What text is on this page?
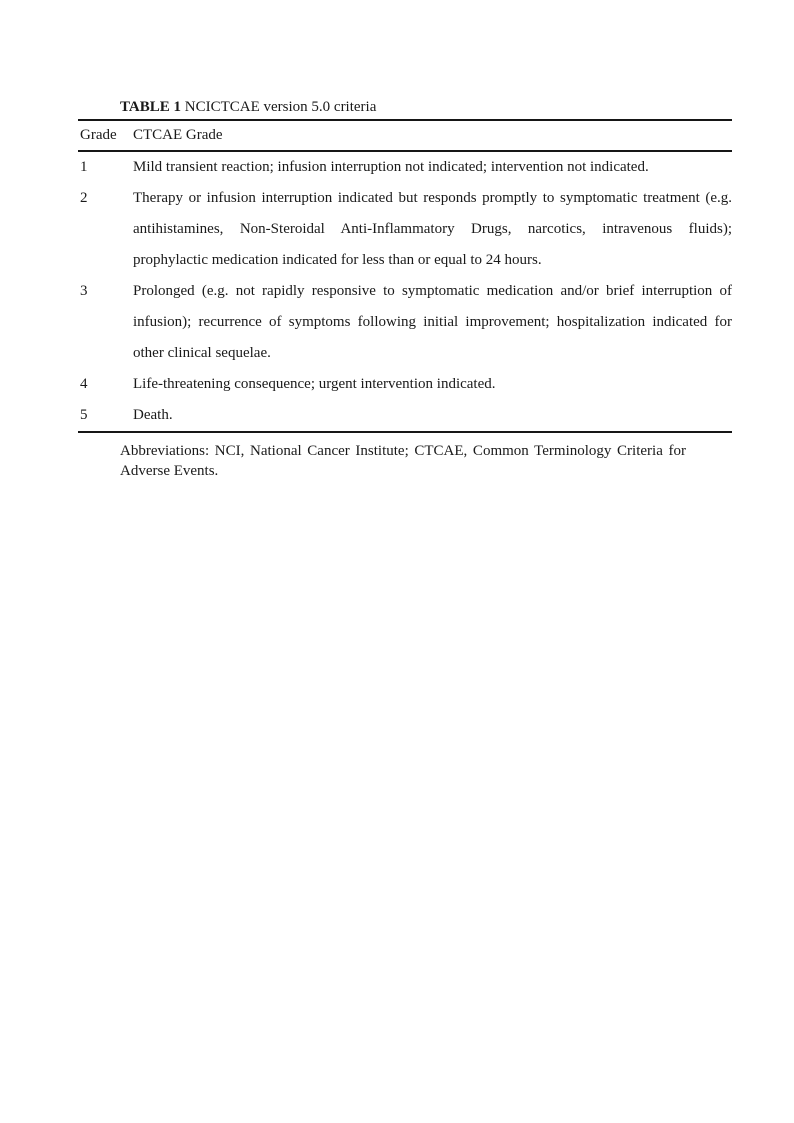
TABLE 1 NCICTCAE version 5.0 criteria
Grade	CTCAE Grade
1	Mild transient reaction; infusion interruption not indicated; intervention not indicated.
2	Therapy or infusion interruption indicated but responds promptly to symptomatic treatment (e.g. antihistamines, Non-Steroidal Anti-Inflammatory Drugs, narcotics, intravenous fluids); prophylactic medication indicated for less than or equal to 24 hours.
3	Prolonged (e.g. not rapidly responsive to symptomatic medication and/or brief interruption of infusion); recurrence of symptoms following initial improvement; hospitalization indicated for other clinical sequelae.
4	Life-threatening consequence; urgent intervention indicated.
5	Death.
Abbreviations: NCI, National Cancer Institute; CTCAE, Common Terminology Criteria for Adverse Events.
